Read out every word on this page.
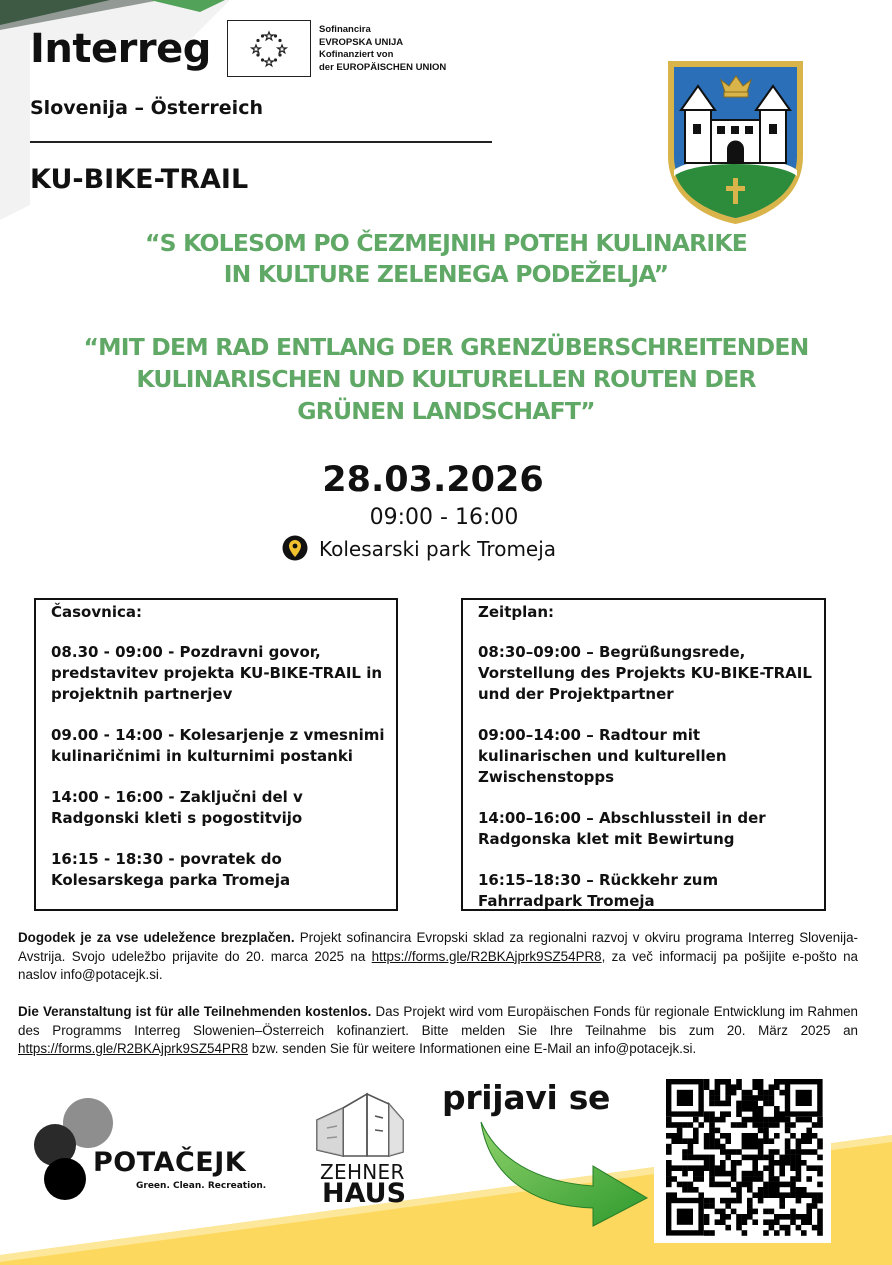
Interreg	Sofinancira
EVROPSKA UNIJA
Kofinanziert von
der EUROPÄISCHEN UNION
Slovenija – Österreich
KU-BIKE-TRAIL
“S KOLESOM PO ČEZMEJNIH POTEH KULINARIKE
IN KULTURE ZELENEGA PODEŽELJA”
“MIT DEM RAD ENTLANG DER GRENZÜBERSCHREITENDEN
KULINARISCHEN UND KULTURELLEN ROUTEN DER
GRÜNEN LANDSCHAFT”
28.03.2026
09:00 - 16:00
Kolesarski park Tromeja
Časovnica:
08.30 - 09:00 - Pozdravni govor, predstavitev projekta KU-BIKE-TRAIL in projektnih partnerjev
09.00 - 14:00 - Kolesarjenje z vmesnimi kulinaričnimi in kulturnimi postanki
14:00 - 16:00 - Zaključni del v Radgonski kleti s pogostitvijo
16:15 - 18:30 - povratek do Kolesarskega parka Tromeja
Zeitplan:
08:30–09:00 – Begrüßungsrede, Vorstellung des Projekts KU-BIKE-TRAIL und der Projektpartner
09:00–14:00 – Radtour mit kulinarischen und kulturellen Zwischenstopps
14:00–16:00 – Abschlussteil in der Radgonska klet mit Bewirtung
16:15–18:30 – Rückkehr zum Fahrradpark Tromeja
Dogodek je za vse udeležence brezplačen. Projekt sofinancira Evropski sklad za regionalni razvoj v okviru programa Interreg Slovenija-Avstrija. Svojo udeležbo prijavite do 20. marca 2025 na https://forms.gle/R2BKAjprk9SZ54PR8, za več informacij pa pošijite e-pošto na naslov info@potacejk.si.
Die Veranstaltung ist für alle Teilnehmenden kostenlos. Das Projekt wird vom Europäischen Fonds für regionale Entwicklung im Rahmen des Programms Interreg Slowenien–Österreich kofinanziert. Bitte melden Sie Ihre Teilnahme bis zum 20. März 2025 an https://forms.gle/R2BKAjprk9SZ54PR8 bzw. senden Sie für weitere Informationen eine E-Mail an info@potacejk.si.
POTAČEJK
Green. Clean. Recreation.
ZEHNER
HAUS
prijavi se
